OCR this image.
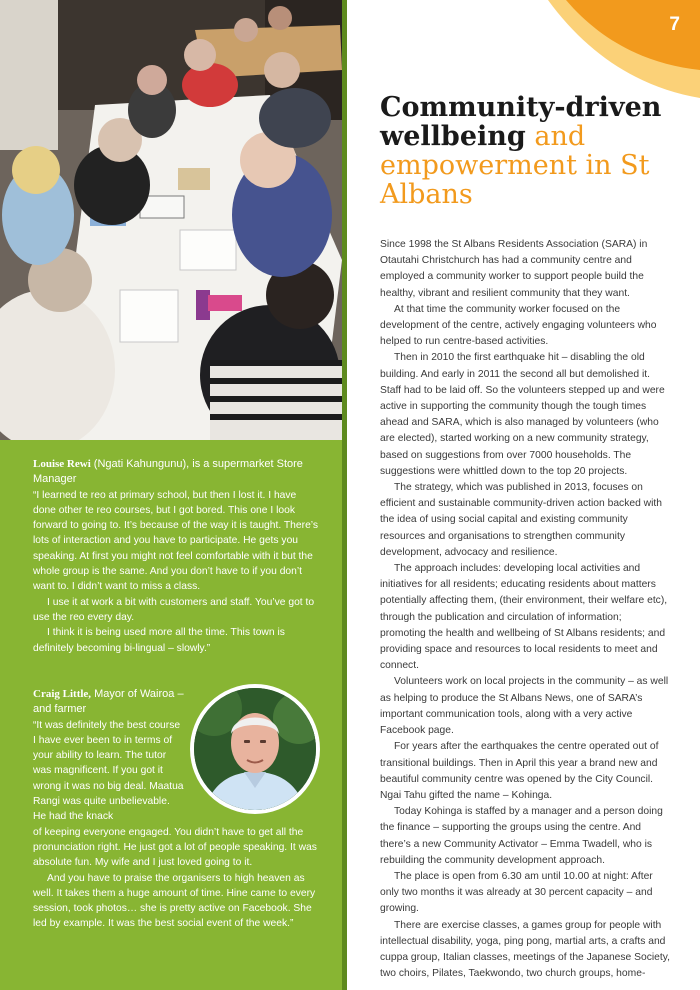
7

Louise Rewi (Ngati Kahungunu), is a supermarket Store Manager

“I learned te reo at primary school, but then I lost it. I have done other te reo courses, but I got bored. This one I look forward to going to. It’s because of the way it is taught. There’s lots of interaction and you have to participate. He gets you speaking. At first you might not feel comfortable with it but the whole group is the same. And you don’t have to if you don’t want to. I didn’t want to miss a class.

I use it at work a bit with customers and staff. You’ve got to use the reo every day.

I think it is being used more all the time. This town is definitely becoming bi-lingual – slowly.”

Craig Little, Mayor of Wairoa – and farmer

“It was definitely the best course I have ever been to in terms of your ability to learn. The tutor was magnificent. If you got it wrong it was no big deal. Maatua Rangi was quite unbelievable. He had the knack

of keeping everyone engaged. You didn’t have to get all the pronunciation right. He just got a lot of people speaking. It was absolute fun. My wife and I just loved going to it.

And you have to praise the organisers to high heaven as well. It takes them a huge amount of time. Hine came to every session, took photos… she is pretty active on Facebook. She led by example. It was the best social event of the week.”

Community-driven wellbeing and empowerment in St Albans

Since 1998 the St Albans Residents Association (SARA) in Otautahi Christchurch has had a community centre and employed a community worker to support people build the healthy, vibrant and resilient community that they want.

At that time the community worker focused on the development of the centre, actively engaging volunteers who helped to run centre-based activities.

Then in 2010 the first earthquake hit – disabling the old building. And early in 2011 the second all but demolished it. Staff had to be laid off. So the volunteers stepped up and were active in supporting the community though the tough times ahead and SARA, which is also managed by volunteers (who are elected), started working on a new community strategy, based on suggestions from over 7000 households. The suggestions were whittled down to the top 20 projects.

The strategy, which was published in 2013, focuses on efficient and sustainable community-driven action backed with the idea of using social capital and existing community resources and organisations to strengthen community development, advocacy and resilience.

The approach includes: developing local activities and initiatives for all residents; educating residents about matters potentially affecting them, (their environment, their welfare etc), through the publication and circulation of information; promoting the health and wellbeing of St Albans residents; and providing space and resources to local residents to meet and connect.

Volunteers work on local projects in the community – as well as helping to produce the St Albans News, one of SARA’s important communication tools, along with a very active Facebook page.

For years after the earthquakes the centre operated out of transitional buildings. Then in April this year a brand new and beautiful community centre was opened by the City Council. Ngai Tahu gifted the name – Kohinga.

Today Kohinga is staffed by a manager and a person doing the finance – supporting the groups using the centre. And there’s a new Community Activator – Emma Twadell, who is rebuilding the community development approach.

The place is open from 6.30 am until 10.00 at night: After only two months it was already at 30 percent capacity – and growing.

There are exercise classes, a games group for people with intellectual disability, yoga, ping pong, martial arts, a crafts and cuppa group, Italian classes, meetings of the Japanese Society, two choirs, Pilates, Taekwondo, two church groups, home-
